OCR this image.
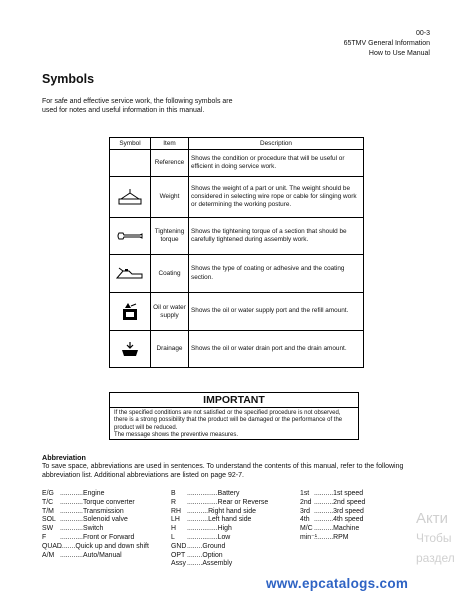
00-3
65TMV General Information
How to Use Manual
Symbols
For safe and effective service work, the following symbols are used for notes and useful information in this manual.
Symbol	Item	Description
	Reference	Shows the condition or procedure that will be useful or efficient in doing service work.

	Weight	Shows the weight of a part or unit. The weight should be considered in selecting wire rope or cable for slinging work or determining the working posture.

	Tightening torque	Shows the tightening torque of a section that should be carefully tightened during assembly work.

	Coating	Shows the type of coating or adhesive and the coating section.

	Oil or water supply	Shows the oil or water supply port and the refill amount.

	Drainage	Shows the oil or water drain port and the drain amount.
IMPORTANT
If the specified conditions are not satisfied or the specified procedure is not observed, there is a strong possibility that the product will be damaged or the performance of the product will be reduced.
The message shows the preventive measures.
Abbreviation
To save space, abbreviations are used in sentences. To understand the contents of this manual, refer to the following abbreviation list. Additional abbreviations are listed on page 92-7.
E/G ............Engine
T/C ............Torque converter
T/M ............Transmission
SOL ............Solenoid valve
SW ............Switch
F ............Front or Forward
QUAD........Quick up and down shift
A/M ............Auto/Manual
B ................Battery
R ................Rear or Reverse
RH ...........Right hand side
LH ...........Left hand side
H ................High
L ................Low
GND........Ground
OPT ........Option
Assy........Assembly
1st ..........1st speed
2nd ..........2nd speed
3rd ..........3rd speed
4th ..........4th speed
M/C..........Machine
min⁻¹..........RPM
Акти
Чтобы
раздел
www.epcatalogs.com
